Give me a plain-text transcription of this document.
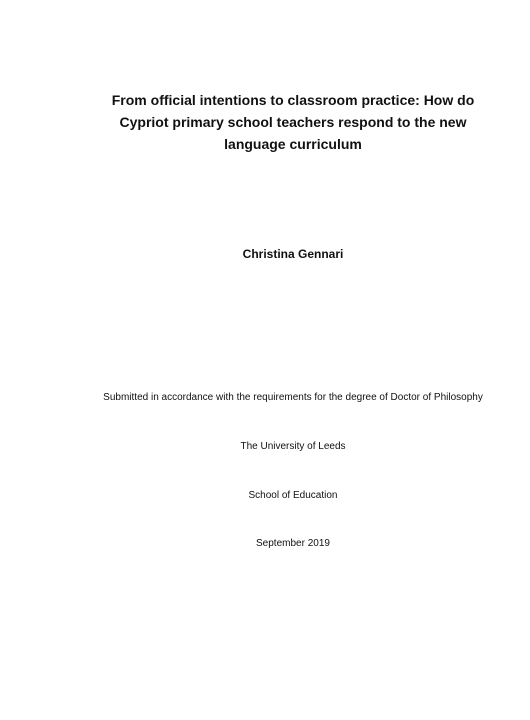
From official intentions to classroom practice: How do Cypriot primary school teachers respond to the new language curriculum
Christina Gennari
Submitted in accordance with the requirements for the degree of Doctor of Philosophy
The University of Leeds
School of Education
September 2019
